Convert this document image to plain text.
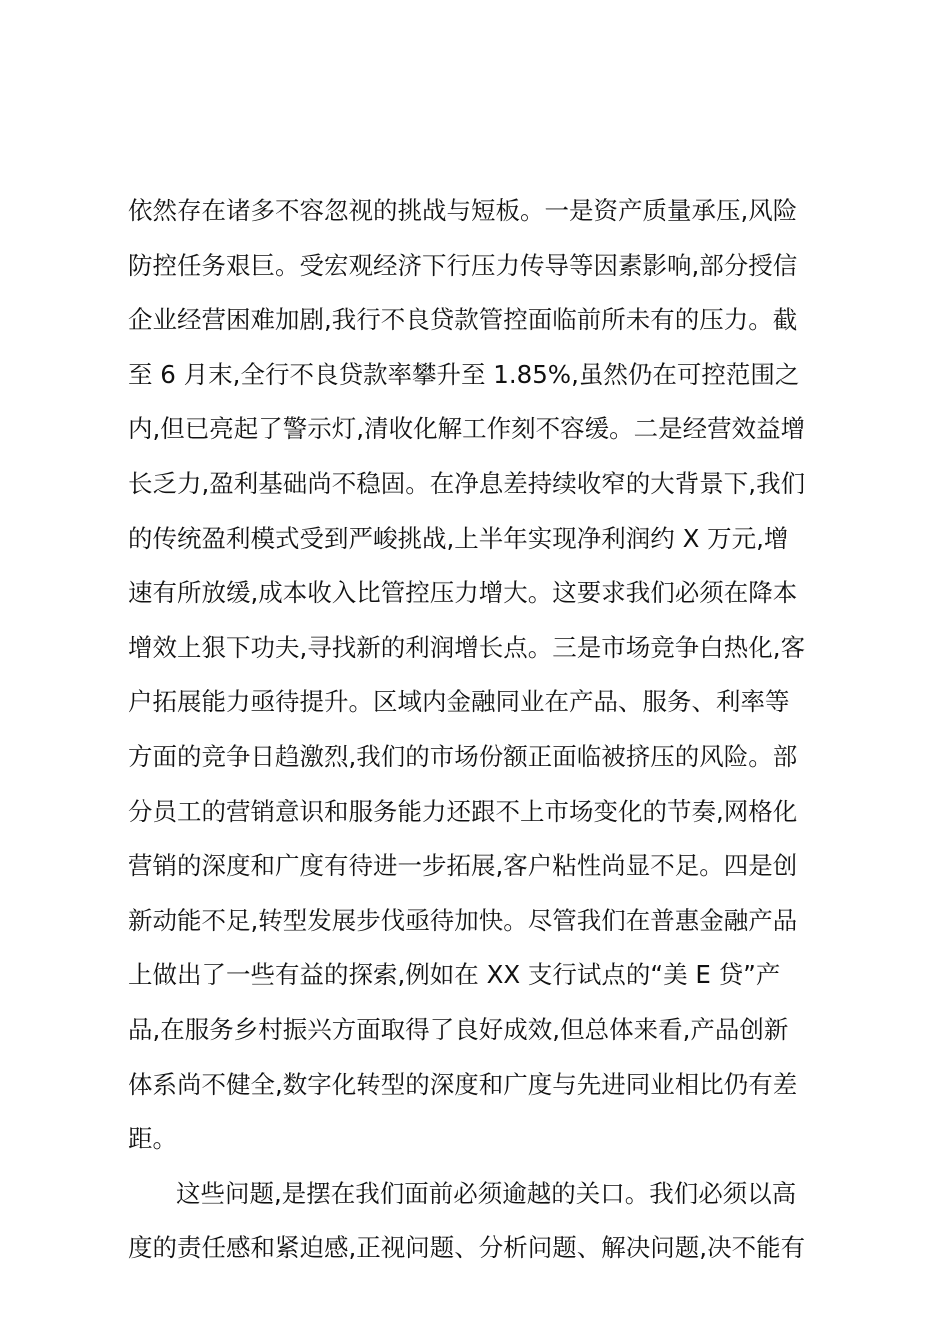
依然存在诸多不容忽视的挑战与短板。一是资产质量承压,风险
防控任务艰巨。受宏观经济下行压力传导等因素影响,部分授信
企业经营困难加剧,我行不良贷款管控面临前所未有的压力。截
至 6 月末,全行不良贷款率攀升至 1.85%,虽然仍在可控范围之
内,但已亮起了警示灯,清收化解工作刻不容缓。二是经营效益增
长乏力,盈利基础尚不稳固。在净息差持续收窄的大背景下,我们
的传统盈利模式受到严峻挑战,上半年实现净利润约 X 万元,增
速有所放缓,成本收入比管控压力增大。这要求我们必须在降本
增效上狠下功夫,寻找新的利润增长点。三是市场竞争白热化,客
户拓展能力亟待提升。区域内金融同业在产品、服务、利率等
方面的竞争日趋激烈,我们的市场份额正面临被挤压的风险。部
分员工的营销意识和服务能力还跟不上市场变化的节奏,网格化
营销的深度和广度有待进一步拓展,客户粘性尚显不足。四是创
新动能不足,转型发展步伐亟待加快。尽管我们在普惠金融产品
上做出了一些有益的探索,例如在 XX 支行试点的“美 E 贷”产
品,在服务乡村振兴方面取得了良好成效,但总体来看,产品创新
体系尚不健全,数字化转型的深度和广度与先进同业相比仍有差
距。
这些问题,是摆在我们面前必须逾越的关口。我们必须以高
度的责任感和紧迫感,正视问题、分析问题、解决问题,决不能有
